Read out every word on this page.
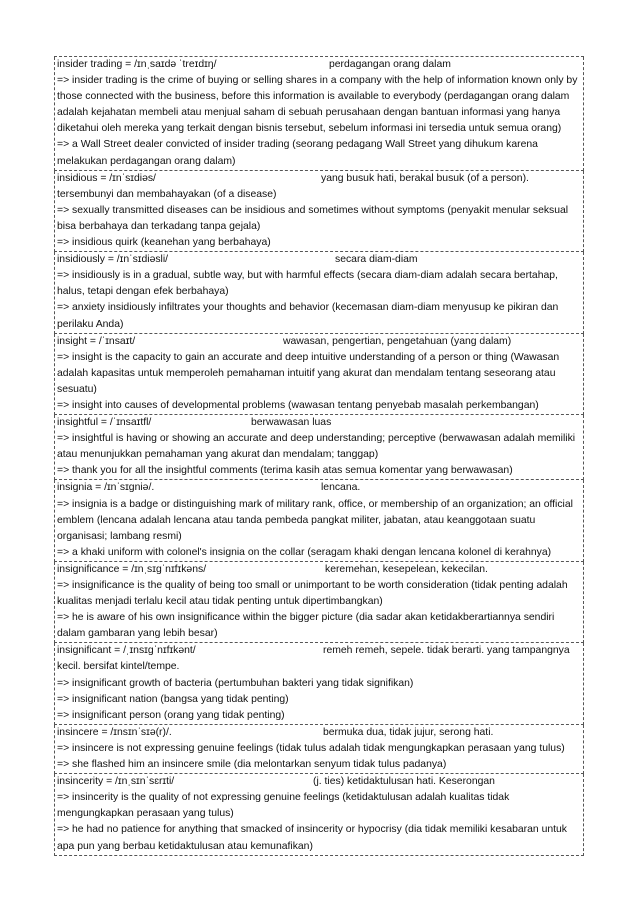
insider trading = /ɪnˌsaɪdə ˈtreɪdɪŋ/	perdagangan orang dalam
=> insider trading is the crime of buying or selling shares in a company with the help of information known only by those connected with the business, before this information is available to everybody (perdagangan orang dalam adalah kejahatan membeli atau menjual saham di sebuah perusahaan dengan bantuan informasi yang hanya diketahui oleh mereka yang terkait dengan bisnis tersebut, sebelum informasi ini tersedia untuk semua orang)
=> a Wall Street dealer convicted of insider trading (seorang pedagang Wall Street yang dihukum karena melakukan perdagangan orang dalam)
insidious = /ɪnˈsɪdiəs/	yang busuk hati, berakal busuk (of a person).
tersembunyi dan membahayakan (of a disease)
=> sexually transmitted diseases can be insidious and sometimes without symptoms (penyakit menular seksual bisa berbahaya dan terkadang tanpa gejala)
=> insidious quirk (keanehan yang berbahaya)
insidiously = /ɪnˈsɪdiəsli/	secara diam-diam
=> insidiously is in a gradual, subtle way, but with harmful effects (secara diam-diam adalah secara bertahap, halus, tetapi dengan efek berbahaya)
=> anxiety insidiously infiltrates your thoughts and behavior (kecemasan diam-diam menyusup ke pikiran dan perilaku Anda)
insight = /ˈɪnsaɪt/	wawasan, pengertian, pengetahuan (yang dalam)
=> insight is the capacity to gain an accurate and deep intuitive understanding of a person or thing (Wawasan adalah kapasitas untuk memperoleh pemahaman intuitif yang akurat dan mendalam tentang seseorang atau sesuatu)
=> insight into causes of developmental problems (wawasan tentang penyebab masalah perkembangan)
insightful = /ˈɪnsaɪtfl/	berwawasan luas
=> insightful is having or showing an accurate and deep understanding; perceptive (berwawasan adalah memiliki atau menunjukkan pemahaman yang akurat dan mendalam; tanggap)
=> thank you for all the insightful comments (terima kasih atas semua komentar yang berwawasan)
insignia = /ɪnˈsɪɡniə/.	lencana.
=> insignia is a badge or distinguishing mark of military rank, office, or membership of an organization; an official emblem (lencana adalah lencana atau tanda pembeda pangkat militer, jabatan, atau keanggotaan suatu organisasi; lambang resmi)
=> a khaki uniform with colonel's insignia on the collar (seragam khaki dengan lencana kolonel di kerahnya)
insignificance = /ɪnˌsɪɡˈnɪfɪkəns/	keremehan, kesepelean, kekecilan.
=> insignificance is the quality of being too small or unimportant to be worth consideration (tidak penting adalah kualitas menjadi terlalu kecil atau tidak penting untuk dipertimbangkan)
=> he is aware of his own insignificance within the bigger picture (dia sadar akan ketidakberartiannya sendiri dalam gambaran yang lebih besar)
insignificant = /ˌɪnsɪɡˈnɪfɪkənt/	remeh remeh, sepele. tidak berarti. yang tampangnya
kecil. bersifat kintel/tempe.
=> insignificant growth of bacteria (pertumbuhan bakteri yang tidak signifikan)
=> insignificant nation (bangsa yang tidak penting)
=> insignificant person (orang yang tidak penting)
insincere = /ɪnsɪnˈsɪə(r)/.	bermuka dua, tidak jujur, serong hati.
=> insincere is not expressing genuine feelings (tidak tulus adalah tidak mengungkapkan perasaan yang tulus)
=> she flashed him an insincere smile (dia melontarkan senyum tidak tulus padanya)
insincerity = /ɪnˌsɪnˈsɛrɪti/	(j. ties) ketidaktulusan hati. Keserongan
=> insincerity is the quality of not expressing genuine feelings (ketidaktulusan adalah kualitas tidak mengungkapkan perasaan yang tulus)
=> he had no patience for anything that smacked of insincerity or hypocrisy (dia tidak memiliki kesabaran untuk apa pun yang berbau ketidaktulusan atau kemunafikan)
